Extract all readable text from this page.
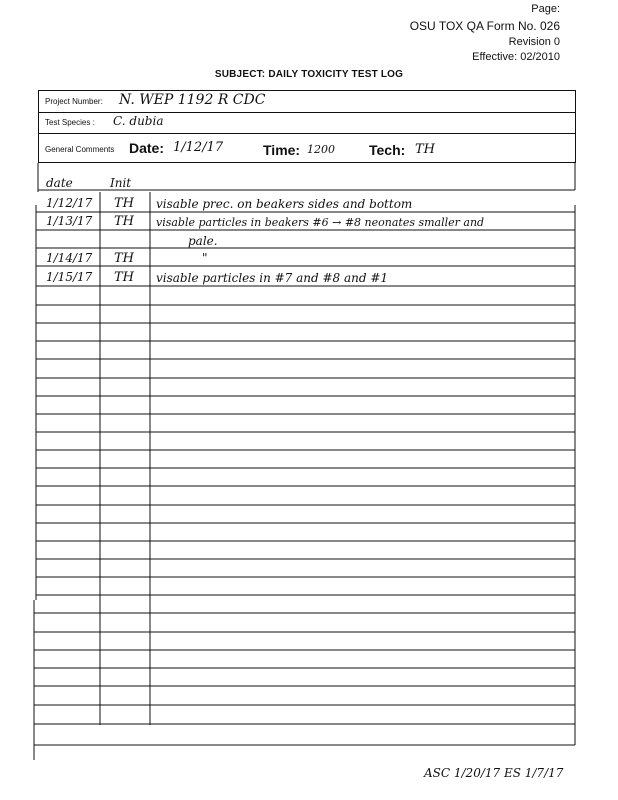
Page:
OSU TOX QA Form No. 026
Revision 0
Effective: 02/2010
SUBJECT: DAILY TOXICITY TEST LOG
Project Number: N. WEP 1192 R CDC
Test Species : C. dubia
General Comments Date: 1/12/17	Time: 1200 Tech: TH
date	Init
1/12/17 TH visable prec. on beakers sides and bottom
1/13/17 TH visable particles in beakers #6 → #8 neonates smaller and
pale.
1/14/17 TH	"
1/15/17 TH visable particles in #7 and #8 and #1
ASC 1/20/17 ES 1/7/17
